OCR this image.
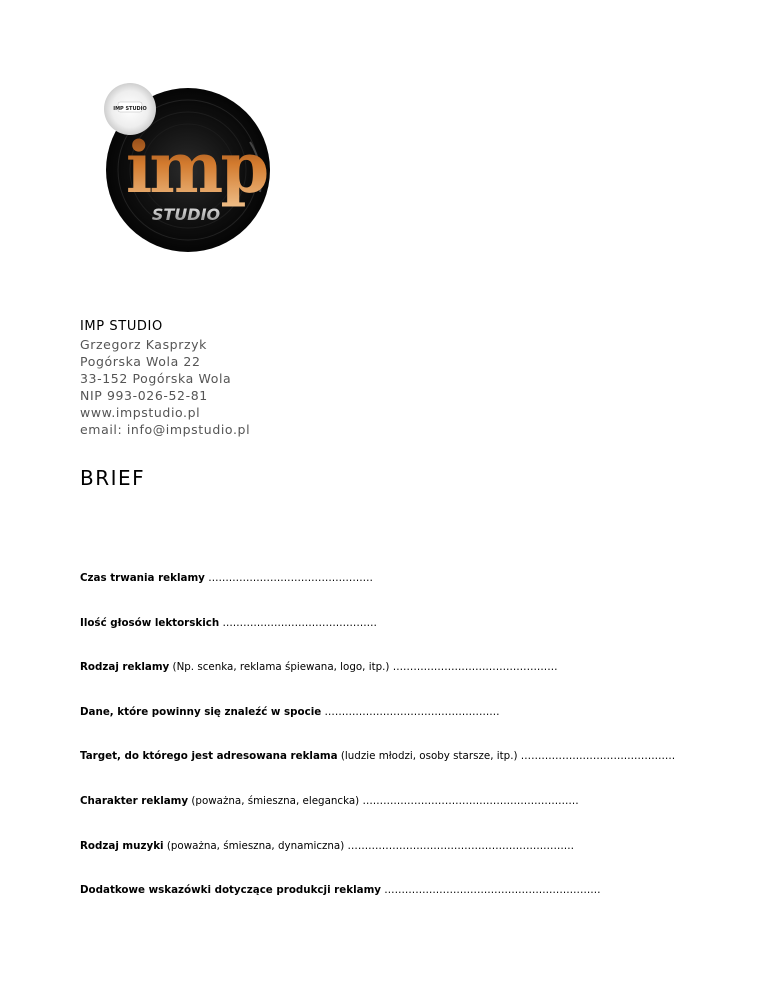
IMP STUDIO
imp
STUDIO
IMP STUDIO
Grzegorz Kasprzyk
Pogórska Wola 22
33-152 Pogórska Wola
NIP 993-026-52-81
www.impstudio.pl
email: info@impstudio.pl
BRIEF
Czas trwania reklamy …………………………………………
Ilość głosów lektorskich ………………………………………
Rodzaj reklamy (Np. scenka, reklama śpiewana, logo, itp.) …………………………………………
Dane, które powinny się znaleźć w spocie ……………………………………………
Target, do którego jest adresowana reklama (ludzie młodzi, osoby starsze, itp.) ………………………………………
Charakter reklamy (poważna, śmieszna, elegancka) ………………………………………………………
Rodzaj muzyki (poważna, śmieszna, dynamiczna) …………………………………………………………
Dodatkowe wskazówki dotyczące produkcji reklamy ………………………………………………………
